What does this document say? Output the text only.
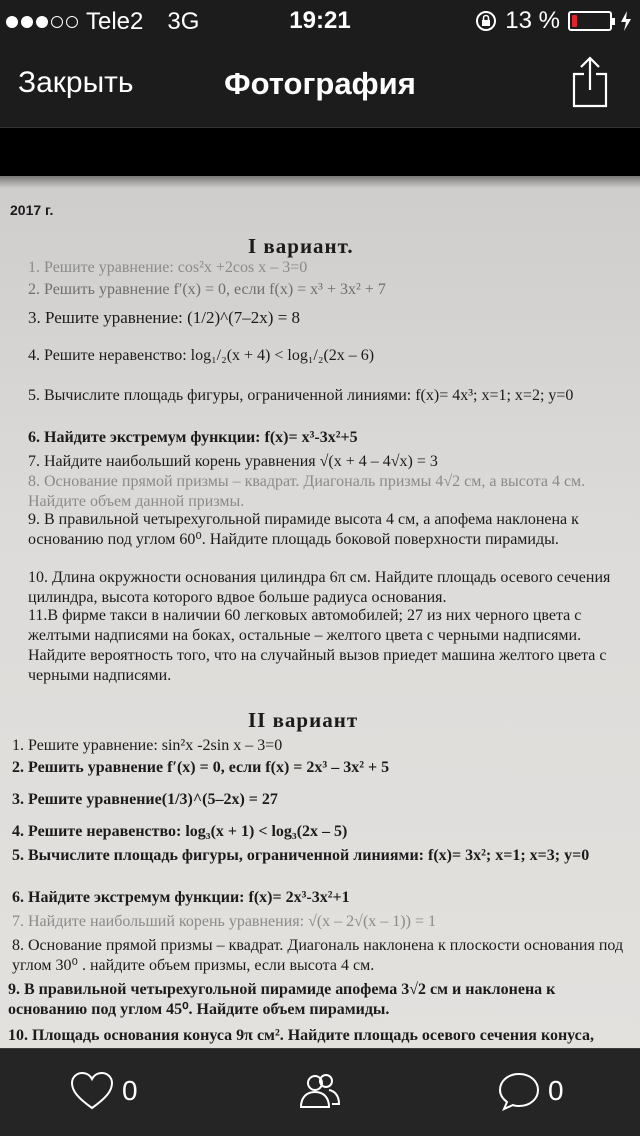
Tele2 3G	19:21	13 %
Закрыть	Фотография
2017 г.
I вариант.
1. Решите уравнение: cos²x +2cos x – 3=0
2. Решить уравнение f′(x) = 0, если f(x) = x³ + 3x² + 7
3. Решите уравнение: (1/2)^(7–2x) = 8
4. Решите неравенство: log₁/₂(x + 4) < log₁/₂(2x – 6)
5. Вычислите площадь фигуры, ограниченной линиями: f(x)= 4x³; x=1; x=2; y=0
6. Найдите экстремум функции: f(x)= x³-3x²+5
7. Найдите наибольший корень уравнения √(x + 4 – 4√x) = 3
8. Основание прямой призмы – квадрат. Диагональ призмы 4√2 см, а высота 4 см. Найдите объем данной призмы.
9. В правильной четырехугольной пирамиде высота 4 см, а апофема наклонена к основанию под углом 60⁰. Найдите площадь боковой поверхности пирамиды.
10. Длина окружности основания цилиндра 6π см. Найдите площадь осевого сечения цилиндра, высота которого вдвое больше радиуса основания.
11.В фирме такси в наличии 60 легковых автомобилей; 27 из них черного цвета с желтыми надписями на боках, остальные – желтого цвета с черными надписями. Найдите вероятность того, что на случайный вызов приедет машина желтого цвета с черными надписями.
II вариант
1. Решите уравнение: sin²x -2sin x – 3=0
2. Решить уравнение f′(x) = 0, если f(x) = 2x³ – 3x² + 5
3. Решите уравнение(1/3)^(5–2x) = 27
4. Решите неравенство: log₃(x + 1) < log₃(2x – 5)
5. Вычислите площадь фигуры, ограниченной линиями: f(x)= 3x²; x=1; x=3; y=0
6. Найдите экстремум функции: f(x)= 2x³-3x²+1
7. Найдите наибольший корень уравнения: √(x – 2√(x – 1)) = 1
8. Основание прямой призмы – квадрат. Диагональ наклонена к плоскости основания под углом 30⁰ . найдите объем призмы, если высота 4 см.
9. В правильной четырехугольной пирамиде апофема 3√2 см и наклонена к основанию под углом 45⁰. Найдите объем пирамиды.
10. Площадь основания конуса 9π см². Найдите площадь осевого сечения конуса,
0	0
